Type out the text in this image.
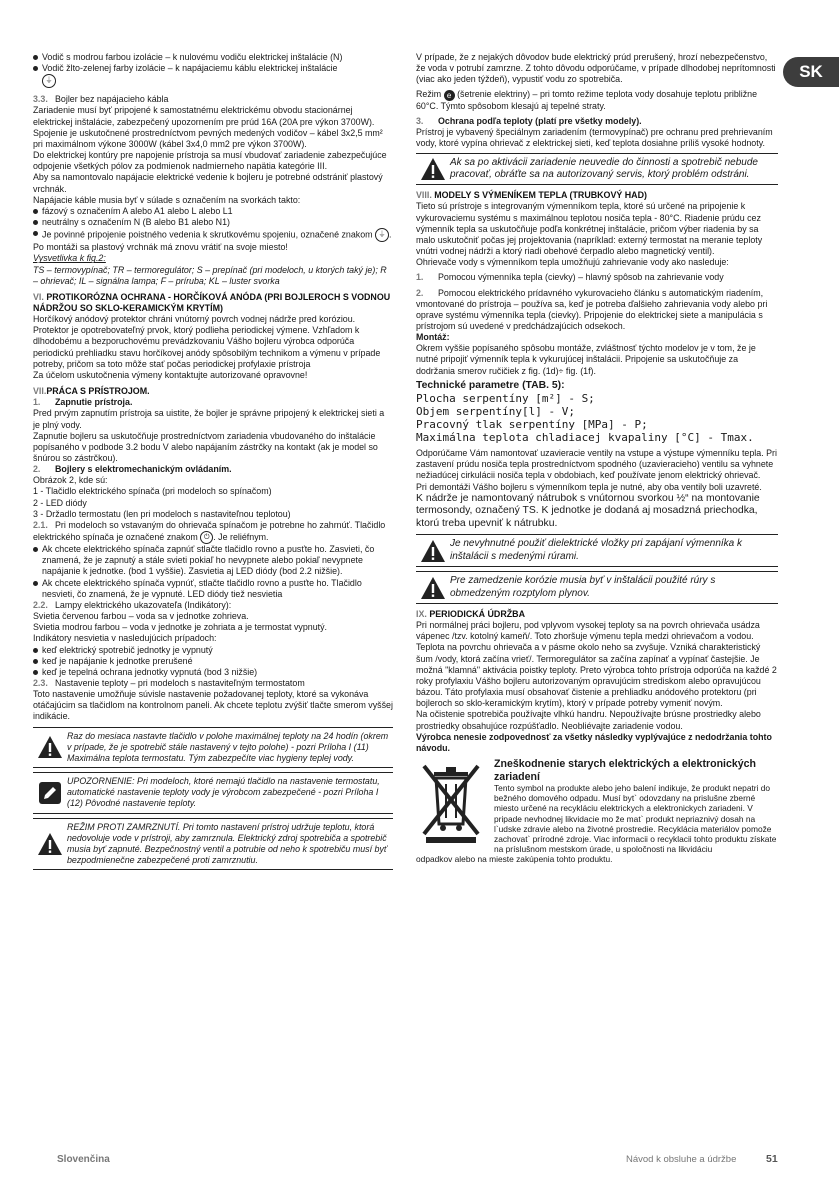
SK

Vodič s modrou farbou izolácie – k nulovému vodiču elektrickej inštalácie (N)

Vodič žlto-zelenej farby izolácie – k napájaciemu káblu elektrickej inštalácie
⏚

3.3. Bojler bez napájacieho kábla

Zariadenie musí byť pripojené k samostatnému elektrickému obvodu stacionárnej elektrickej inštalácie, zabezpečený upozornením pre prúd 16A (20A pre výkon 3700W). Spojenie je uskutočnené prostredníctvom pevných medených vodičov – kábel 3x2,5 mm² pri maximálnom výkone 3000W (kábel 3x4,0 mm2 pre výkon 3700W).

Do elektrickej kontúry pre napojenie prístroja sa musí vbudovať zariadenie zabezpečujúce odpojenie všetkých pólov za podmienok nadmierneho napätia kategórie III.

Aby sa namontovalo napájacie elektrické vedenie k bojleru je potrebné odstrániť plastový vrchnák.

Napájacie káble musia byť v súlade s označením na svorkách takto:

fázový s označením A alebo A1 alebo L alebo L1

neutrálny s označením N (B alebo B1 alebo N1)

Je povinné pripojenie poistného vedenia k skrutkovému spojeniu, označené znakom ⏚ .

Po montáži sa plastový vrchnák má znovu vrátiť na svoje miesto!

Vysvetlivka k fig.2:

TS – termovypínač; TR – termoregulátor; S – prepínač (pri modeloch, u ktorých taký je); R – ohrievač; IL – signálna lampa; F – príruba; KL – luster svorka

VI. PROTIKORÓZNA OCHRANA - HORČÍKOVÁ ANÓDA (PRI BOJLEROCH S VODNOU NÁDRŽOU SO SKLO-KERAMICKÝM KRYTÍM)

Horčíkový anódový protektor chráni vnútorný povrch vodnej nádrže pred koróziou.

Protektor je opotrebovateľný prvok, ktorý podlieha periodickej výmene. Vzhľadom k dlhodobému a bezporuchovému prevádzkovaniu Vášho bojleru výrobca odporúča periodickú prehliadku stavu horčíkovej anódy spôsobilým technikom a výmenu v prípade potreby, pričom sa toto môže stať počas periodickej profylaxie prístroja

Za účelom uskutočnenia výmeny kontaktujte autorizované opravovne!

VII.PRÁCA S PRÍSTROJOM.

1. Zapnutie prístroja.

Pred prvým zapnutím prístroja sa uistite, že bojler je správne pripojený k elektrickej sieti a je plný vody.

Zapnutie bojleru sa uskutočňuje prostredníctvom zariadenia vbudovaného do inštalácie popísaného v podbode 3.2 bodu V alebo napájaním zástrčky na kontakt (ak je model so šnúrou so zástrčkou).

2. Bojlery s elektromechanickým ovládaním.

Obrázok 2, kde sú:

1 - Tlačidlo elektrického spínača (pri modeloch so spínačom)

2 - LED diódy

3 - Držadlo termostatu (len pri modeloch s nastaviteľnou teplotou)

2.1. Pri modeloch so vstavaným do ohrievača spínačom je potrebne ho zahrnúť. Tlačidlo elektrického spínača je označené znakom ⏻ . Je reliéfnym.

Ak chcete elektrického spínača zapnúť stlačte tlačidlo rovno a pusťte ho. Zasvieti, čo znamená, že je zapnutý a stále svieti pokiaľ ho nevypnete alebo pokiaľ nevypnete napájanie k jednotke. (bod 1 vyššie). Zasvietia aj LED diódy (bod 2.2 nižšie).

Ak chcete elektrického spínača vypnúť, stlačte tlačidlo rovno a pusťte ho. Tlačidlo nesvieti, čo znamená, že je vypnuté. LED diódy tiež nesvietia

2.2. Lampy elektrického ukazovateľa (Indikátory):

Svietia červenou farbou – voda sa v jednotke zohrieva.

Svietia modrou farbou – voda v jednotke je zohriata a je termostat vypnutý.

Indikátory nesvietia v nasledujúcich prípadoch:

keď elektrický spotrebič jednotky je vypnutý

keď je napájanie k jednotke prerušené

keď je tepelná ochrana jednotky vypnutá (bod 3 nižšie)

2.3. Nastavenie teploty – pri modeloch s nastaviteľným termostatom

Toto nastavenie umožňuje súvisle nastavenie požadovanej teploty, ktoré sa vykonáva otáčajúcim sa tlačidlom na kontrolnom paneli. Ak chcete teplotu zvýšiť tlačte smerom vyššej indikácie.

Raz do mesiaca nastavte tlačidlo v polohe maximálnej teploty na 24 hodín (okrem v prípade, že je spotrebič stále nastavený v tejto polohe) - pozri Príloha I (11) Maximálna teplota termostatu. Tým zabezpečíte viac hygieny teplej vody.
UPOZORNENIE: Pri modeloch, ktoré nemajú tlačidlo na nastavenie termostatu, automatické nastavenie teploty vody je výrobcom zabezpečené - pozri Príloha I (12) Pôvodné nastavenie teploty.
REŽIM PROTI ZAMRZNUTÍ. Pri tomto nastavení prístroj udržuje teplotu, ktorá nedovoluje vode v prístroji, aby zamrznula. Elektrický zdroj spotrebiča a spotrebič musia byť zapnuté. Bezpečnostný ventil a potrubie od neho k spotrebiču musí byť bezpodmienečne zabezpečené proti zamrznutiu.

V prípade, že z nejakých dôvodov bude elektrický prúd prerušený, hrozí nebezpečenstvo, že voda v potrubí zamrzne. Z tohto dôvodu odporúčame, v prípade dlhodobej neprítomnosti (viac ako jeden týždeň), vypustiť vodu zo spotrebiča.

Režim e (šetrenie elektriny) – pri tomto režime teplota vody dosahuje teplotu približne 60°C. Týmto spôsobom klesajú aj tepelné straty.

3. Ochrana podľa teploty (platí pre všetky modely).

Prístroj je vybavený špeciálnym zariadením (termovypínač) pre ochranu pred prehrievaním vody, ktoré vypína ohrievač z elektrickej sieti, keď teplota dosiahne príliš vysoké hodnoty.

Ak sa po aktivácii zariadenie neuvedie do činnosti a spotrebič nebude pracovať, obráťte sa na autorizovaný servis, ktorý problém odstráni.

VIII. MODELY S VÝMENÍKEM TEPLA (TRUBKOVÝ HAD)

Tieto sú prístroje s integrovaným výmenníkom tepla, ktoré sú určené na pripojenie k vykurovaciemu systému s maximálnou teplotou nosiča tepla - 80°C. Riadenie prúdu cez výmenník tepla sa uskutočňuje podľa konkrétnej inštalácie, pričom výber riadenia by sa malo uskutočniť počas jej projektovania (napríklad: externý termostat na meranie teploty vnútri vodnej nádrži a ktorý riadi obehové čerpadlo alebo magnetický ventil).

Ohrievače vody s výmenníkom tepla umožňujú zahrievanie vody ako nasleduje:

1. Pomocou výmenníka tepla (cievky) – hlavný spôsob na zahrievanie vody

2. Pomocou elektrického prídavného vykurovacieho článku s automatickým riadením, vmontované do prístroja – používa sa, keď je potreba ďalšieho zahrievania vody alebo pri oprave systému výmenníka tepla (cievky). Pripojenie do elektrickej siete a manipulácia s prístrojom sú uvedené v predchádzajúcich odsekoch.

Montáž:

Okrem vyššie popísaného spôsobu montáže, zvláštnosť týchto modelov je v tom, že je nutné pripojiť výmenník tepla k vykurujúcej inštalácii. Pripojenie sa uskutočňuje za dodržania smerov ručičiek z fig. (1d)÷ fig. (1f).

Technické parametre (TAB. 5):

Plocha serpentíny [m²] - S;

Objem serpentíny[l] - V;

Pracovný tlak serpentíny [MPa] - P;

Maximálna teplota chladiacej kvapaliny [°C] - Tmax.

Odporúčame Vám namontovať uzavieracie ventily na vstupe a výstupe výmenníku tepla. Pri zastavení prúdu nosiča tepla prostredníctvom spodného (uzavieracieho) ventilu sa vyhnete nežiadúcej cirkulácii nosiča tepla v obdobiach, keď používate jenom elektrický ohrievač.

Pri demontáži Vášho bojleru s výmenníkom tepla je nutné, aby oba ventily boli uzavreté.

K nádrže je namontovaný nátrubok s vnútornou svorkou ½“ na montovanie termosondy, označený TS. K jednotke je dodaná aj mosadzná priechodka, ktorú treba upevniť k nátrubku.

Je nevyhnutné použiť dielektrické vložky pri zapájaní výmenníka k inštalácii s medenými rúrami.
Pre zamedzenie korózie musia byť v inštalácii použité rúry s obmedzeným rozptylom plynov.

IX. PERIODICKÁ ÚDRŽBA

Pri normálnej práci bojleru, pod vplyvom vysokej teploty sa na povrch ohrievača usádza vápenec /tzv. kotolný kameň/. Toto zhoršuje výmenu tepla medzi ohrievačom a vodou. Teplota na povrchu ohrievača a v pásme okolo neho sa zvyšuje. Vzniká charakteristický šum /vody, ktorá začína vrieť/. Termoregulátor sa začína zapínať a vypínať častejšie. Je možná "klamná" aktivácia poistky teploty. Preto výrobca tohto prístroja odporúča na každé 2 roky profylaxiu Vášho bojleru autorizovaným opravujúcim strediskom alebo opravujúcou bázou. Táto profylaxia musí obsahovať čistenie a prehliadku anódového protektoru (pri bojleroch so sklo-keramickým krytím), ktorý v prípade potreby vymeniť novým.

Na očistenie spotrebiča používajte vlhkú handru. Nepoužívajte brúsne prostriedky alebo prostriedky obsahujúce rozpúšťadlo. Neobliévajte zariadenie vodou.

Výrobca nenesie zodpovednosť za všetky následky vyplývajúce z nedodržania tohto návodu.

Zneškodnenie starych elektrických a elektronických zariadení

Tento symbol na produkte alebo jeho balení indikuje, že produkt nepatri do bežného domového odpadu. Musí byt` odovzdany na prislušne zberné miesto určené na recykláciu elektrickych a elektronickych zariadeni. V pripade nevhodnej likvidacie mo že mat` produkt nepriaznivý dosah na l`udske zdravie alebo na životné prostredie. Recyklácia materiálov pomože zachovat` prírodné zdroje. Viac informacii o recyklacii tohto produktu získate na príslušnom mestskom úrade, u spoločnosti na likvidáciu

odpadkov alebo na mieste zakúpenia tohto produktu.

Slovenčina	Návod k obsluhe a údržbe	51
